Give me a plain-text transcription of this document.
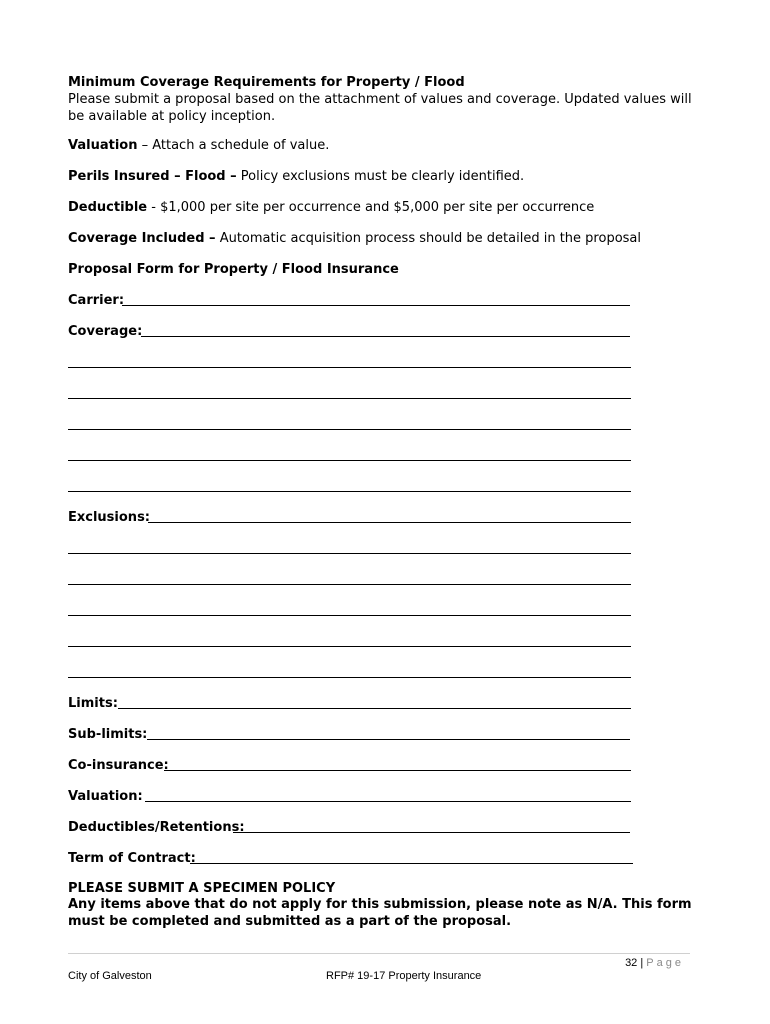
Minimum Coverage Requirements for Property / Flood
Please submit a proposal based on the attachment of values and coverage. Updated values will be available at policy inception.
Valuation – Attach a schedule of value.
Perils Insured – Flood – Policy exclusions must be clearly identified.
Deductible - $1,000 per site per occurrence and $5,000 per site per occurrence
Coverage Included – Automatic acquisition process should be detailed in the proposal
Proposal Form for Property / Flood Insurance
Carrier:
Coverage:
Exclusions:
Limits:
Sub-limits:
Co-insurance:
Valuation:
Deductibles/Retentions:
Term of Contract:
PLEASE SUBMIT A SPECIMEN POLICY
Any items above that do not apply for this submission, please note as N/A. This form must be completed and submitted as a part of the proposal.
32 | Page
City of Galveston	RFP# 19-17 Property Insurance
